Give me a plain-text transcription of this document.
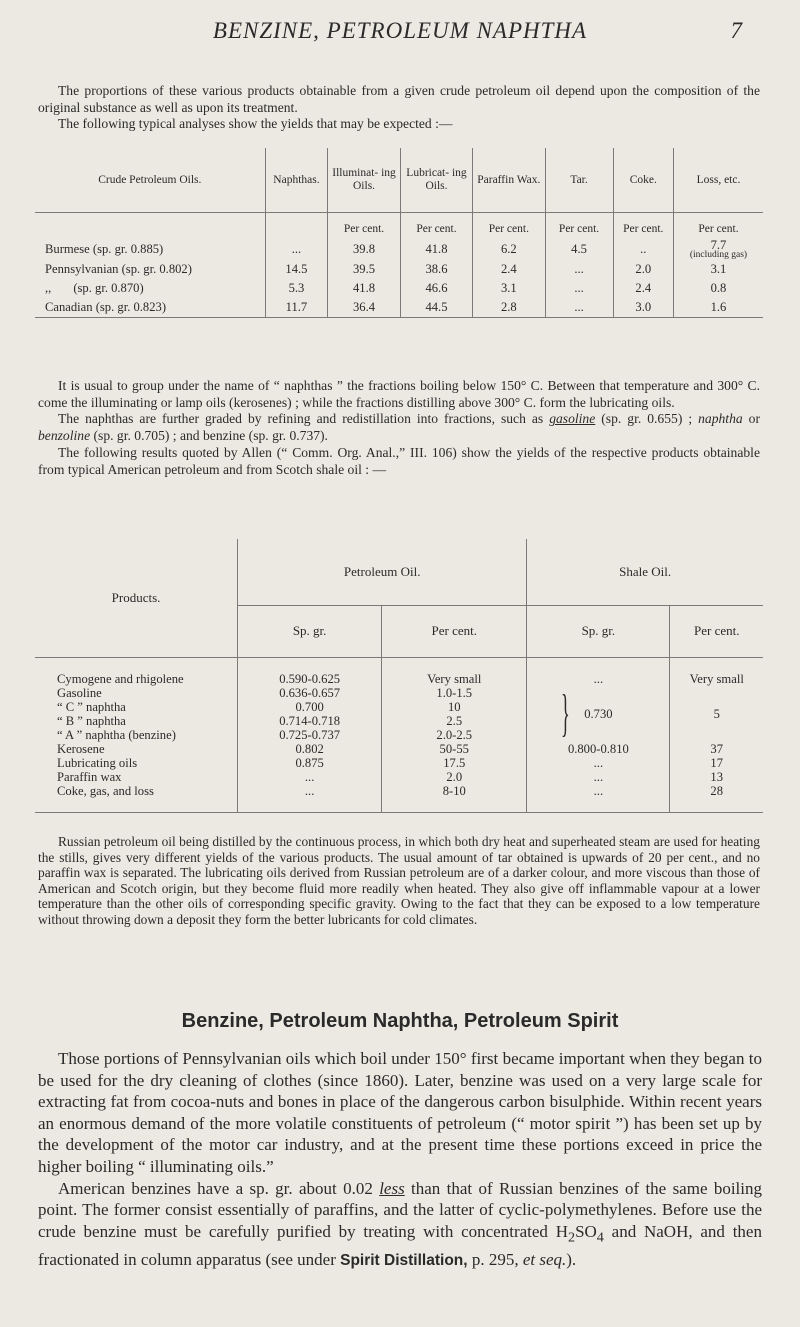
BENZINE, PETROLEUM NAPHTHA	7

The proportions of these various products obtainable from a given crude petroleum oil depend upon the composition of the original substance as well as upon its treatment.

The following typical analyses show the yields that may be expected :—

Crude Petroleum Oils.	Naphthas.	Illuminat- ing Oils.	Lubricat- ing Oils.	Paraffin Wax.	Tar.	Coke.	Loss, etc.
		Per cent.	Per cent.	Per cent.	Per cent.	Per cent.	Per cent.
Burmese (sp. gr. 0.885)	...	39.8	41.8	6.2	4.5	..	7.7
(including gas)

Pennsylvanian (sp. gr. 0.802)	14.5	39.5	38.6	2.4	...	2.0	3.1
,,       (sp. gr. 0.870)	5.3	41.8	46.6	3.1	...	2.4	0.8
Canadian (sp. gr. 0.823)	11.7	36.4	44.5	2.8	...	3.0	1.6

It is usual to group under the name of “ naphthas ” the fractions boiling below 150° C. Between that temperature and 300° C. come the illuminating or lamp oils (kerosenes) ; while the fractions distilling above 300° C. form the lubricating oils.

The naphthas are further graded by refining and redistillation into fractions, such as gasoline (sp. gr. 0.655) ; naphtha or benzoline (sp. gr. 0.705) ; and benzine (sp. gr. 0.737).

The following results quoted by Allen (“ Comm. Org. Anal.,” III. 106) show the yields of the respective products obtainable from typical American petroleum and from Scotch shale oil : —

Products.	Petroleum Oil.		Shale Oil.	
	Sp. gr.	Per cent.	Sp. gr.	Per cent.

Cymogene and rhigolene	0.590-0.625	Very small	...	Very small
Gasoline	0.636-0.657	1.0-1.5	} 0.730	5
“ C ” naphtha	0.700	10		
“ B ” naphtha	0.714-0.718	2.5		
“ A ” naphtha (benzine)	0.725-0.737	2.0-2.5		
Kerosene	0.802	50-55	0.800-0.810	37
Lubricating oils	0.875	17.5	...	17
Paraffin wax	...	2.0	...	13
Coke, gas, and loss	...	8-10	...	28

Russian petroleum oil being distilled by the continuous process, in which both dry heat and superheated steam are used for heating the stills, gives very different yields of the various products. The usual amount of tar obtained is upwards of 20 per cent., and no paraffin wax is separated. The lubricating oils derived from Russian petroleum are of a darker colour, and more viscous than those of American and Scotch origin, but they become fluid more readily when heated. They also give off inflammable vapour at a lower temperature than the other oils of corresponding specific gravity. Owing to the fact that they can be exposed to a low temperature without throwing down a deposit they form the better lubricants for cold climates.

Benzine, Petroleum Naphtha, Petroleum Spirit

Those portions of Pennsylvanian oils which boil under 150° first became important when they began to be used for the dry cleaning of clothes (since 1860). Later, benzine was used on a very large scale for extracting fat from cocoa-nuts and bones in place of the dangerous carbon bisulphide. Within recent years an enormous demand of the more volatile constituents of petroleum (“ motor spirit ”) has been set up by the development of the motor car industry, and at the present time these portions exceed in price the higher boiling “ illuminating oils.”

American benzines have a sp. gr. about 0.02 less than that of Russian benzines of the same boiling point. The former consist essentially of paraffins, and the latter of cyclic-polymethylenes. Before use the crude benzine must be carefully purified by treating with concentrated $H_2SO_4$ and NaOH, and then fractionated in column apparatus (see under Spirit Distillation, p. 295, et seq.).
